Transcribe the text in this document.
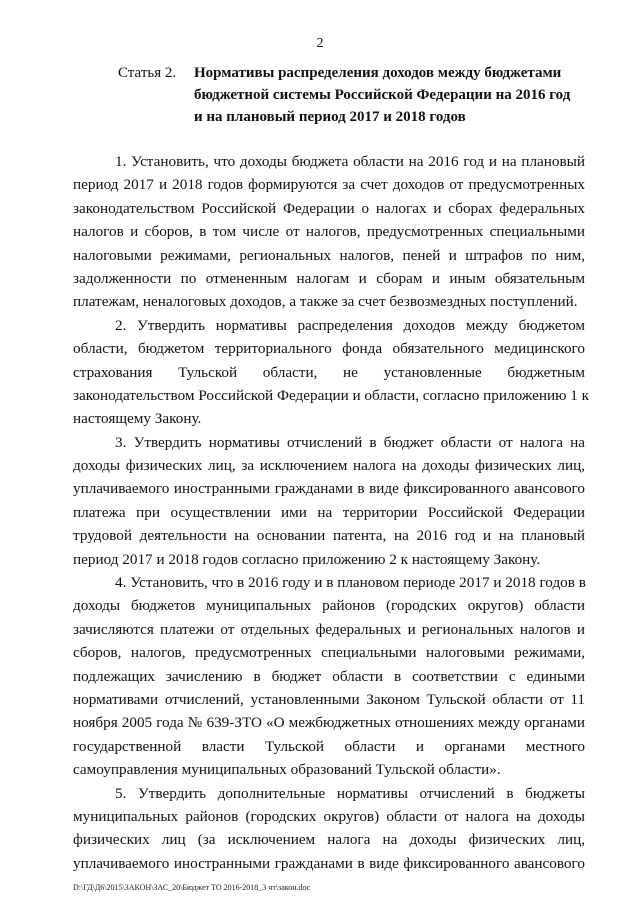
2
Статья 2. Нормативы распределения доходов между бюджетами
бюджетной системы Российской Федерации на 2016 год
и на плановый период 2017 и 2018 годов
1. Установить, что доходы бюджета области на 2016 год и на плановый
период 2017 и 2018 годов формируются за счет доходов от предусмотренных
законодательством Российской Федерации о налогах и сборах федеральных
налогов и сборов, в том числе от налогов, предусмотренных специальными
налоговыми режимами, региональных налогов, пеней и штрафов по ним,
задолженности по отмененным налогам и сборам и иным обязательным
платежам, неналоговых доходов, а также за счет безвозмездных поступлений.
2. Утвердить нормативы распределения доходов между бюджетом
области, бюджетом территориального фонда обязательного медицинского
страхования Тульской области, не установленные бюджетным
законодательством Российской Федерации и области, согласно приложению 1 к
настоящему Закону.
3. Утвердить нормативы отчислений в бюджет области от налога на
доходы физических лиц, за исключением налога на доходы физических лиц,
уплачиваемого иностранными гражданами в виде фиксированного авансового
платежа при осуществлении ими на территории Российской Федерации
трудовой деятельности на основании патента, на 2016 год и на плановый
период 2017 и 2018 годов согласно приложению 2 к настоящему Закону.
4. Установить, что в 2016 году и в плановом периоде 2017 и 2018 годов в
доходы бюджетов муниципальных районов (городских округов) области
зачисляются платежи от отдельных федеральных и региональных налогов и
сборов, налогов, предусмотренных специальными налоговыми режимами,
подлежащих зачислению в бюджет области в соответствии с едиными
нормативами отчислений, установленными Законом Тульской области от 11
ноября 2005 года № 639-ЗТО «О межбюджетных отношениях между органами
государственной власти Тульской области и органами местного
самоуправления муниципальных образований Тульской области».
5. Утвердить дополнительные нормативы отчислений в бюджеты
муниципальных районов (городских округов) области от налога на доходы
физических лиц (за исключением налога на доходы физических лиц,
уплачиваемого иностранными гражданами в виде фиксированного авансового
D:\ГД\Д6\2015\ЗАКОН\ЗАС_20\Бюджет ТО 2016-2018_3 чт\закон.doc
